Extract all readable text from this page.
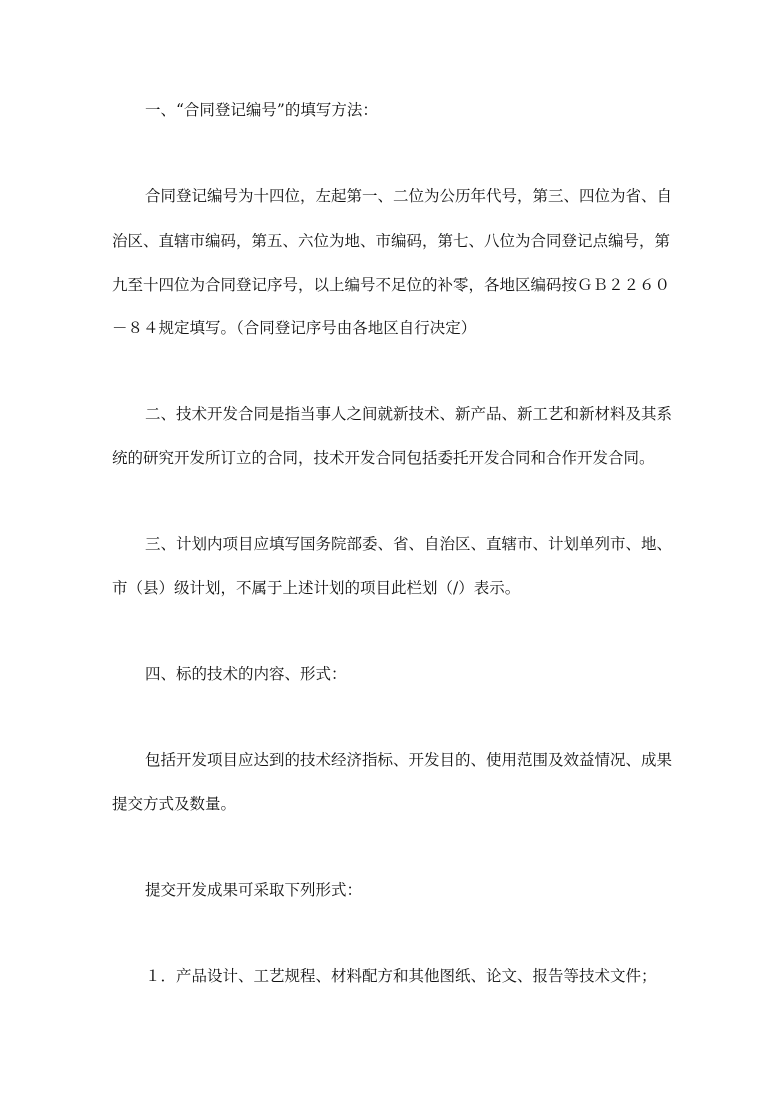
一、“合同登记编号”的填写方法：
合同登记编号为十四位，左起第一、二位为公历年代号，第三、四位为省、自
治区、直辖市编码，第五、六位为地、市编码，第七、八位为合同登记点编号，第
九至十四位为合同登记序号，以上编号不足位的补零，各地区编码按ＧＢ２２６０
－８４规定填写。（合同登记序号由各地区自行决定）
二、技术开发合同是指当事人之间就新技术、新产品、新工艺和新材料及其系
统的研究开发所订立的合同，技术开发合同包括委托开发合同和合作开发合同。
三、计划内项目应填写国务院部委、省、自治区、直辖市、计划单列市、地、
市（县）级计划，不属于上述计划的项目此栏划（/）表示。
四、标的技术的内容、形式：
包括开发项目应达到的技术经济指标、开发目的、使用范围及效益情况、成果
提交方式及数量。
提交开发成果可采取下列形式：
１．产品设计、工艺规程、材料配方和其他图纸、论文、报告等技术文件；
